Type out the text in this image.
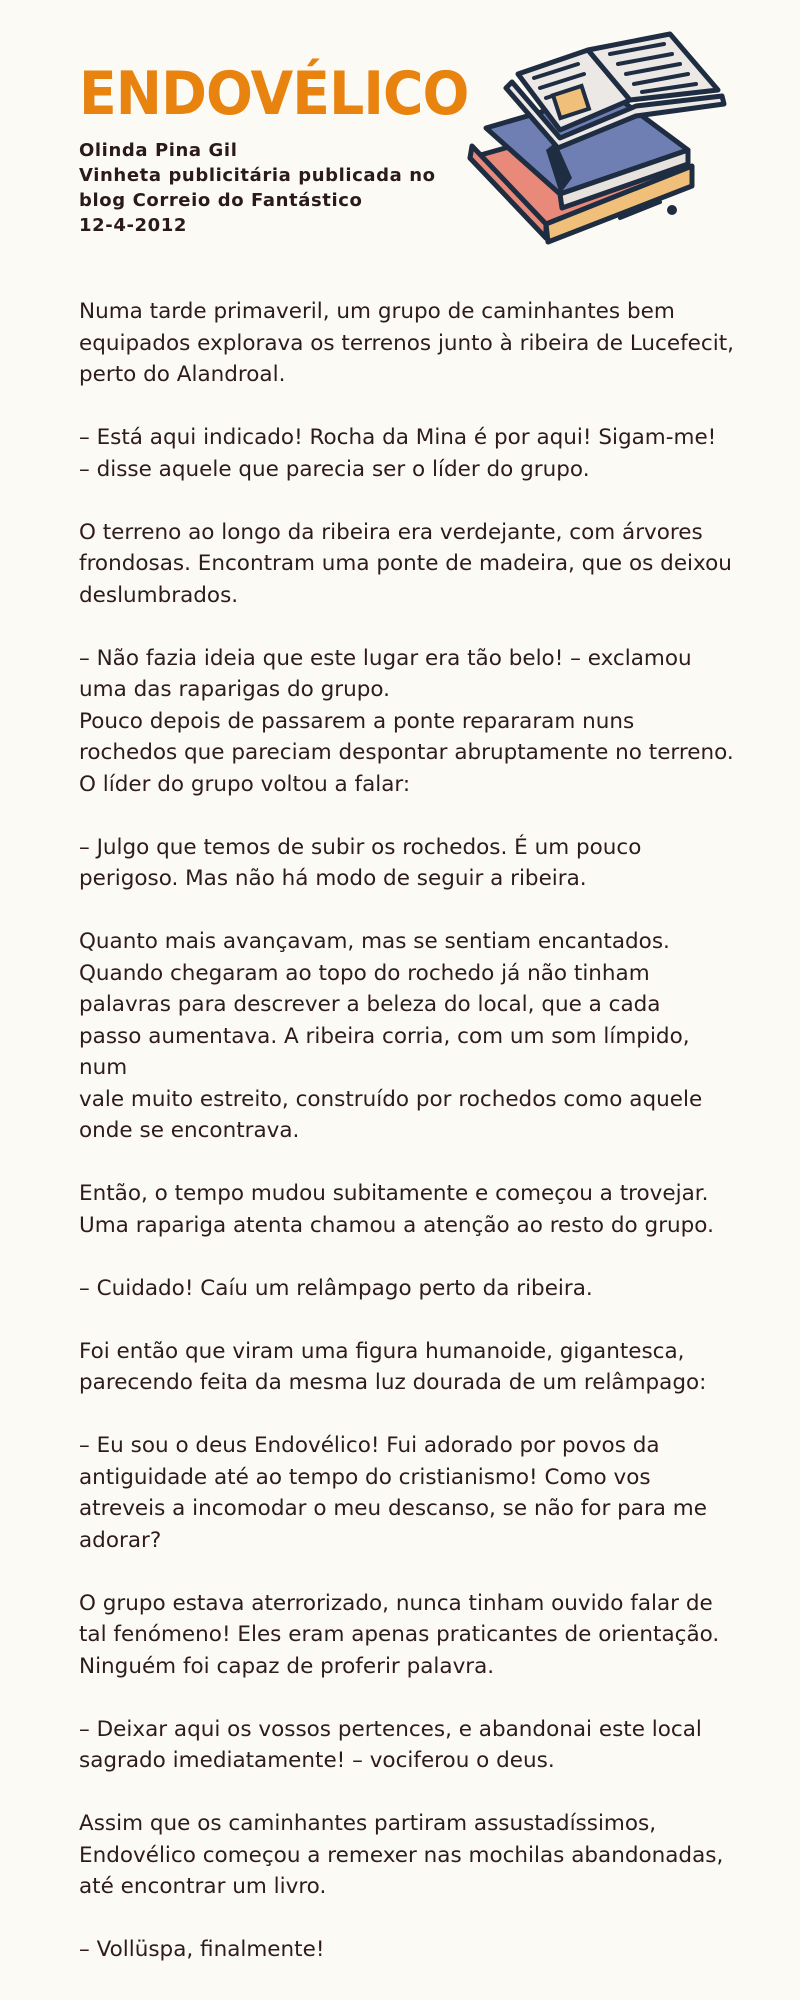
ENDOVÉLICO
Olinda Pina Gil
Vinheta publicitária publicada no
blog Correio do Fantástico
12-4-2012

Numa tarde primaveril, um grupo de caminhantes bem
equipados explorava os terrenos junto à ribeira de Lucefecit,
perto do Alandroal.

– Está aqui indicado! Rocha da Mina é por aqui! Sigam-me!
– disse aquele que parecia ser o líder do grupo.

O terreno ao longo da ribeira era verdejante, com árvores
frondosas. Encontram uma ponte de madeira, que os deixou
deslumbrados.

– Não fazia ideia que este lugar era tão belo! – exclamou
uma das raparigas do grupo.
Pouco depois de passarem a ponte repararam nuns
rochedos que pareciam despontar abruptamente no terreno.
O líder do grupo voltou a falar:

– Julgo que temos de subir os rochedos. É um pouco
perigoso. Mas não há modo de seguir a ribeira.

Quanto mais avançavam, mas se sentiam encantados.
Quando chegaram ao topo do rochedo já não tinham
palavras para descrever a beleza do local, que a cada
passo aumentava. A ribeira corria, com um som límpido, num
vale muito estreito, construído por rochedos como aquele
onde se encontrava.

Então, o tempo mudou subitamente e começou a trovejar.
Uma rapariga atenta chamou a atenção ao resto do grupo.

– Cuidado! Caíu um relâmpago perto da ribeira.

Foi então que viram uma figura humanoide, gigantesca,
parecendo feita da mesma luz dourada de um relâmpago:

– Eu sou o deus Endovélico! Fui adorado por povos da
antiguidade até ao tempo do cristianismo! Como vos
atreveis a incomodar o meu descanso, se não for para me
adorar?

O grupo estava aterrorizado, nunca tinham ouvido falar de
tal fenómeno! Eles eram apenas praticantes de orientação.
Ninguém foi capaz de proferir palavra.

– Deixar aqui os vossos pertences, e abandonai este local
sagrado imediatamente! – vociferou o deus.

Assim que os caminhantes partiram assustadíssimos,
Endovélico começou a remexer nas mochilas abandonadas,
até encontrar um livro.

– Vollüspa, finalmente!
